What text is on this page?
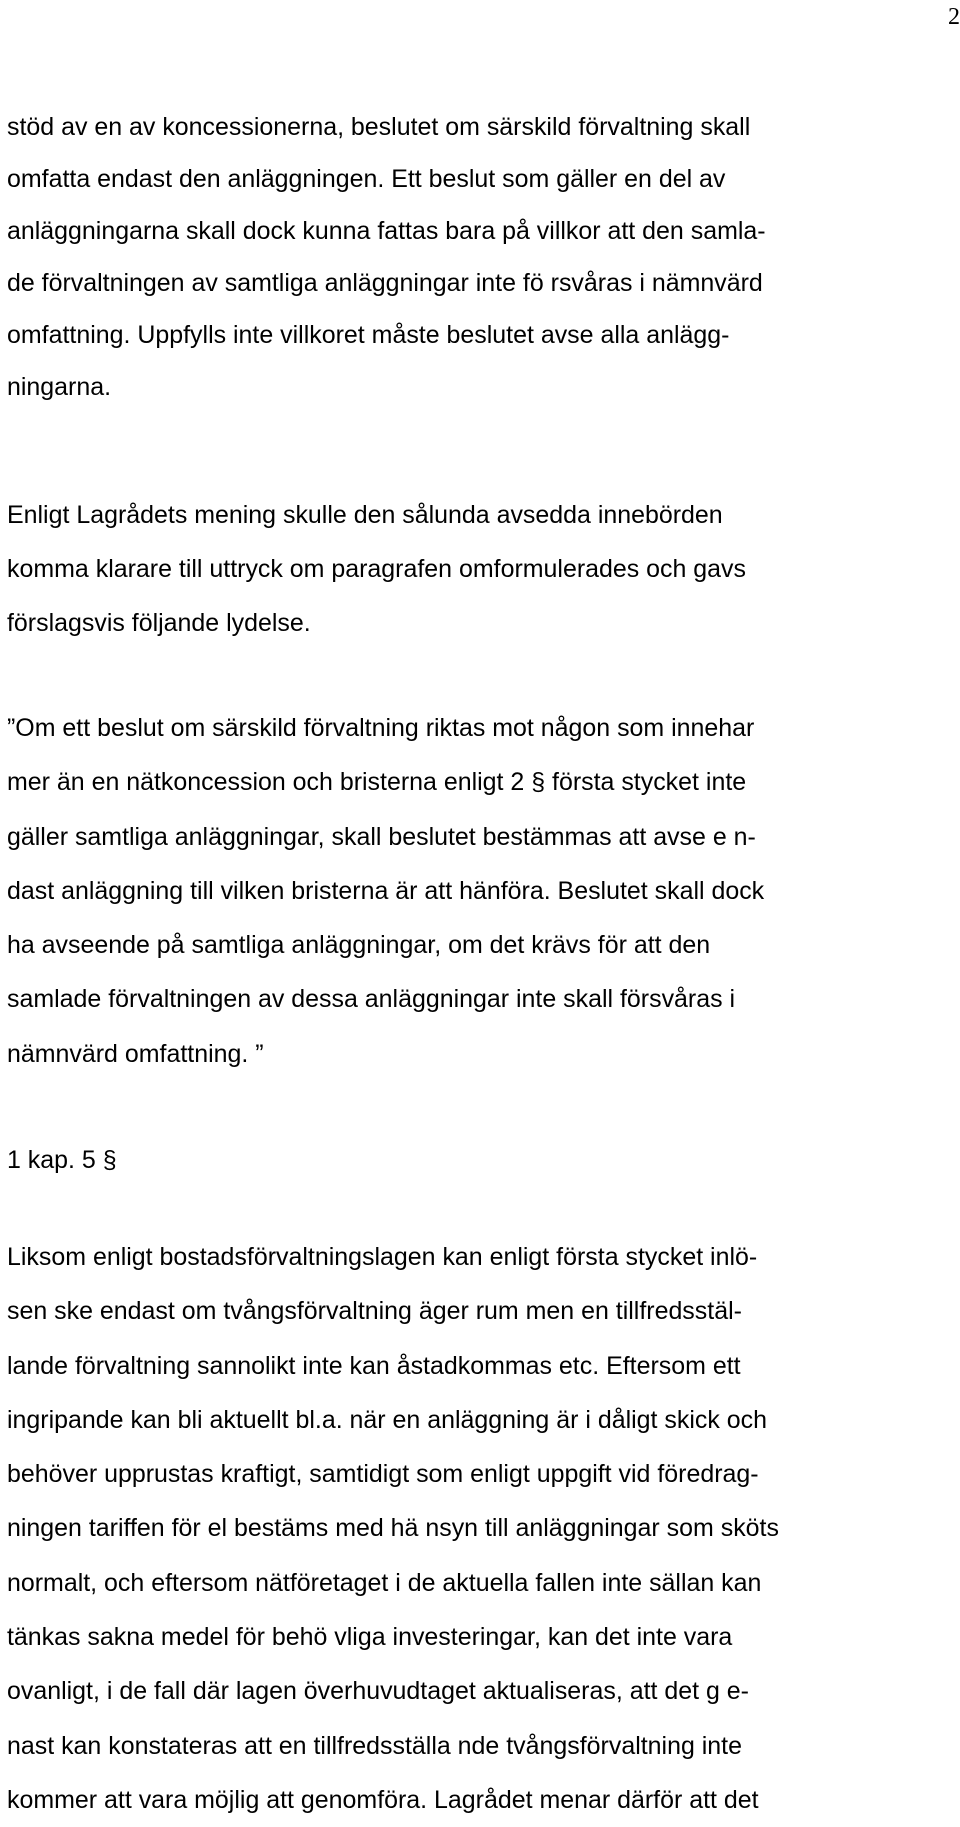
2
stöd av en av koncessionerna, beslutet om särskild förvaltning skall
omfatta endast den anläggningen. Ett beslut som gäller en del av
anläggningarna skall dock kunna fattas bara på villkor att den samla-
de förvaltningen av samtliga anläggningar inte fö rsvåras i nämnvärd
omfattning. Uppfylls inte villkoret måste beslutet avse alla anlägg-
ningarna.
Enligt Lagrådets mening skulle den sålunda avsedda innebörden
komma klarare till uttryck om paragrafen omformulerades och gavs
förslagsvis följande lydelse.
”Om ett beslut om särskild förvaltning riktas mot någon som innehar
mer än en nätkoncession och bristerna enligt 2 § första stycket inte
gäller samtliga anläggningar, skall beslutet bestämmas att avse e n-
dast anläggning till vilken bristerna är att hänföra. Beslutet skall dock
ha avseende på samtliga anläggningar, om det krävs för att den
samlade förvaltningen av dessa anläggningar inte skall försvåras i
nämnvärd omfattning. ”
1 kap. 5 §
Liksom enligt bostadsförvaltningslagen kan enligt första stycket inlö-
sen ske endast om tvångsförvaltning äger rum men en tillfredsstäl-
lande förvaltning sannolikt inte kan åstadkommas etc. Eftersom ett
ingripande kan bli aktuellt bl.a. när en anläggning är i dåligt skick och
behöver upprustas kraftigt, samtidigt som enligt uppgift vid föredrag-
ningen tariffen för el bestäms med hä nsyn till anläggningar som sköts
normalt, och eftersom nätföretaget i de aktuella fallen inte sällan kan
tänkas sakna medel för behö vliga investeringar, kan det inte vara
ovanligt, i de fall där lagen överhuvudtaget aktualiseras, att det g e-
nast kan konstateras att en tillfredsställa nde tvångsförvaltning inte
kommer att vara möjlig att genomföra. Lagrådet menar därför att det
